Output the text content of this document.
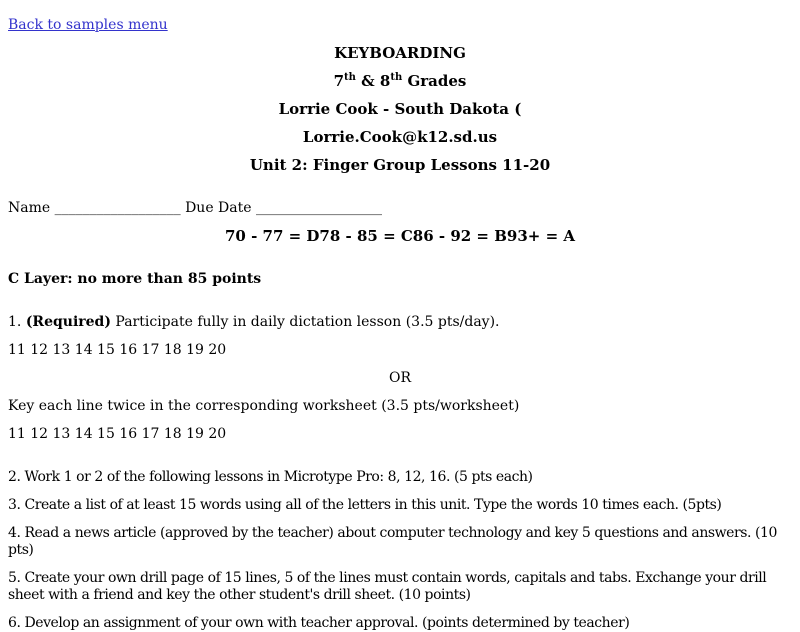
Back to samples menu

KEYBOARDING

7th & 8th Grades

Lorrie Cook - South Dakota (

Lorrie.Cook@k12.sd.us

Unit 2: Finger Group Lessons 11-20

Name __________________ Due Date __________________

70 - 77 = D78 - 85 = C86 - 92 = B93+ = A

C Layer: no more than 85 points

1. (Required) Participate fully in daily dictation lesson (3.5 pts/day).

11 12 13 14 15 16 17 18 19 20

OR

Key each line twice in the corresponding worksheet (3.5 pts/worksheet)

11 12 13 14 15 16 17 18 19 20

2. Work 1 or 2 of the following lessons in Microtype Pro: 8, 12, 16. (5 pts each)

3. Create a list of at least 15 words using all of the letters in this unit. Type the words 10 times each. (5pts)

4. Read a news article (approved by the teacher) about computer technology and key 5 questions and answers. (10 pts)

5. Create your own drill page of 15 lines, 5 of the lines must contain words, capitals and tabs. Exchange your drill sheet with a friend and key the other student's drill sheet. (10 points)

6. Develop an assignment of your own with teacher approval. (points determined by teacher)
